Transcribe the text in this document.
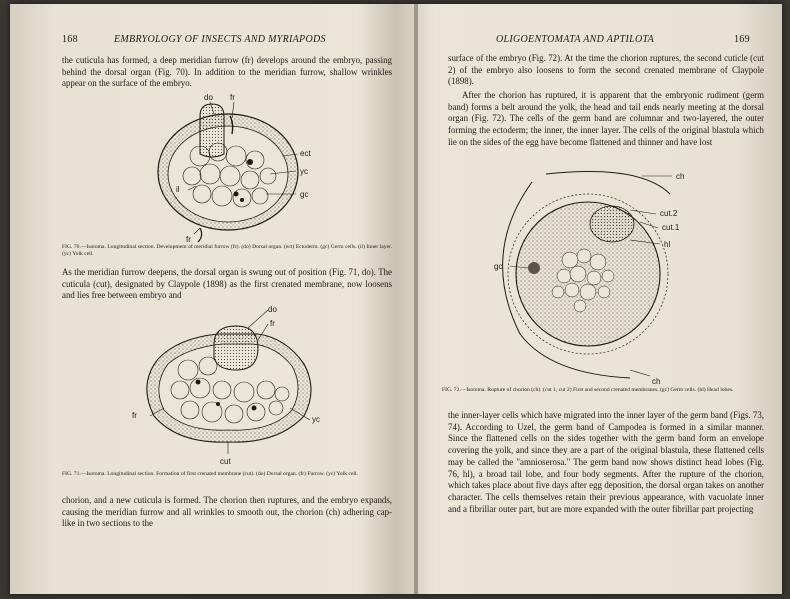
168	EMBRYOLOGY OF INSECTS AND MYRIAPODS

the cuticula has formed, a deep meridian furrow (fr) develops around the embryo, passing behind the dorsal organ (Fig. 70). In addition to the meridian furrow, shallow wrinkles appear on the surface of the embryo.

do fr
ect
yc
il
gc
fr

FIG. 70.—Isotoma. Longitudinal section. Development of meridial furrow (fr). (do) Dorsal organ. (ect) Ectoderm. (gc) Germ cells. (il) Inner layer. (yc) Yolk cell.

As the meridian furrow deepens, the dorsal organ is swung out of position (Fig. 71, do). The cuticula (cut), designated by Claypole (1898) as the first crenated membrane, now loosens and lies free between embryo and

do
fr
fr	yc
cut

FIG. 71.—Isotoma. Longitudinal section. Formation of first crenated membrane (cut). (do) Dorsal organ. (fr) Furrow. (yc) Yolk cell.

chorion, and a new cuticula is formed. The chorion then ruptures, and the embryo expands, causing the meridian furrow and all wrinkles to smooth out, the chorion (ch) adhering cap-like in two sections to the

OLIGOENTOMATA AND APTILOTA	169

surface of the embryo (Fig. 72). At the time the chorion ruptures, the second cuticle (cut 2) of the embryo also loosens to form the second crenated membrane of Claypole (1898).

After the chorion has ruptured, it is apparent that the embryonic rudiment (germ band) forms a belt around the yolk, the head and tail ends nearly meeting at the dorsal organ (Fig. 72). The cells of the germ band are columnar and two-layered, the outer forming the ectoderm; the inner, the inner layer. The cells of the original blastula which lie on the sides of the egg have become flattened and thinner and have lost

ch
cut.2
cut.1
hl
gc
ch

FIG. 72.—Isotoma. Rupture of chorion (ch). (cut 1, cut 2) First and second crenated membranes. (gc) Germ cells. (hl) Head lobes.

the inner-layer cells which have migrated into the inner layer of the germ band (Figs. 73, 74). According to Uzel, the germ band of Campodea is formed in a similar manner. Since the flattened cells on the sides together with the germ band form an envelope covering the yolk, and since they are a part of the original blastula, these flattened cells may be called the "amnioserosa." The germ band now shows distinct head lobes (Fig. 76, hl), a broad tail lobe, and four body segments. After the rupture of the chorion, which takes place about five days after egg deposition, the dorsal organ takes on another character. The cells themselves retain their previous appearance, with vacuolate inner and a fibrillar outer part, but are more expanded with the outer fibrillar part projecting
